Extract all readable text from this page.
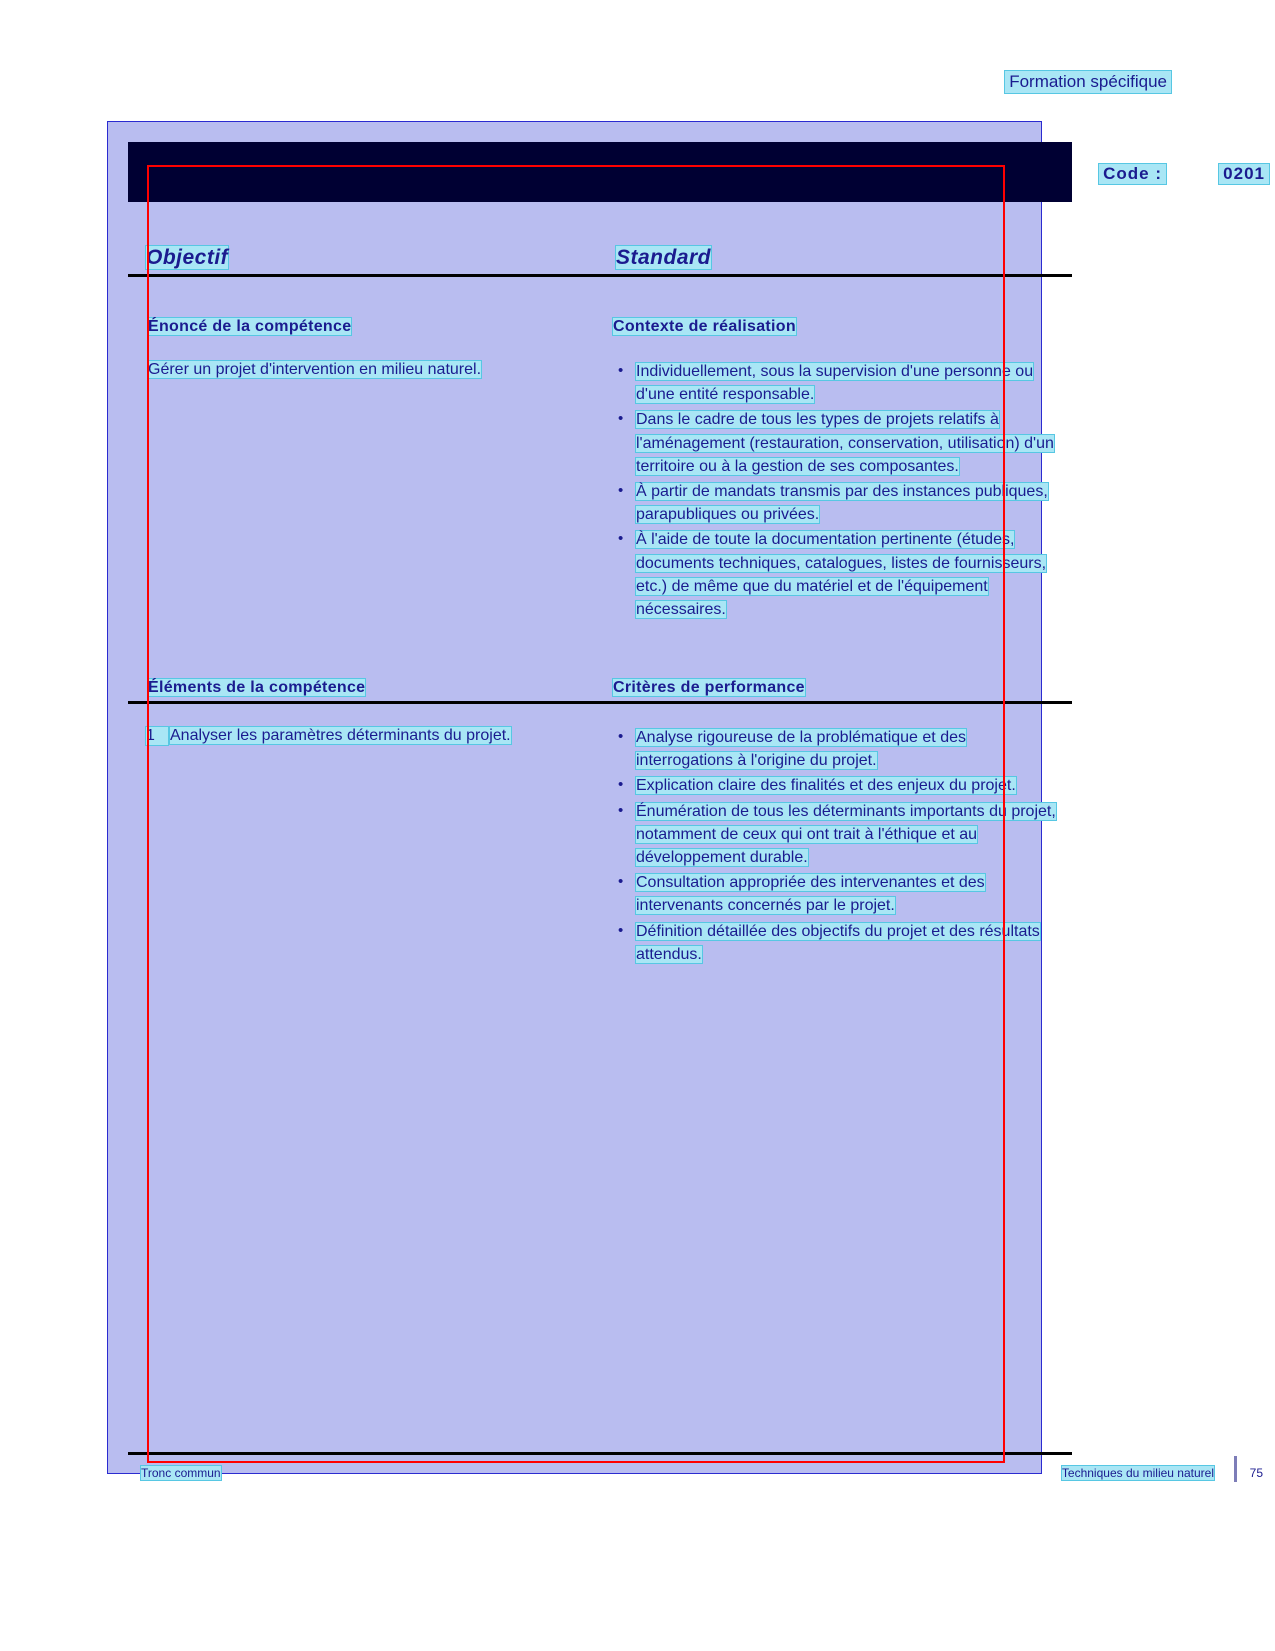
Formation spécifique
Code :	0201
Objectif	Standard
Énoncé de la compétence	Contexte de réalisation
Gérer un projet d'intervention en milieu naturel.	• Individuellement, sous la supervision d'une personne ou d'une entité responsable.
• Dans le cadre de tous les types de projets relatifs à l'aménagement (restauration, conservation, utilisation) d'un territoire ou à la gestion de ses composantes.
• À partir de mandats transmis par des instances publiques, parapubliques ou privées.
• À l'aide de toute la documentation pertinente (études, documents techniques, catalogues, listes de fournisseurs, etc.) de même que du matériel et de l'équipement nécessaires.
Éléments de la compétence	Critères de performance
1 Analyser les paramètres déterminants du projet.	• Analyse rigoureuse de la problématique et des interrogations à l'origine du projet.
• Explication claire des finalités et des enjeux du projet.
• Énumération de tous les déterminants importants du projet, notamment de ceux qui ont trait à l'éthique et au développement durable.
• Consultation appropriée des intervenantes et des intervenants concernés par le projet.
• Définition détaillée des objectifs du projet et des résultats attendus.
Tronc commun	Techniques du milieu naturel	75
